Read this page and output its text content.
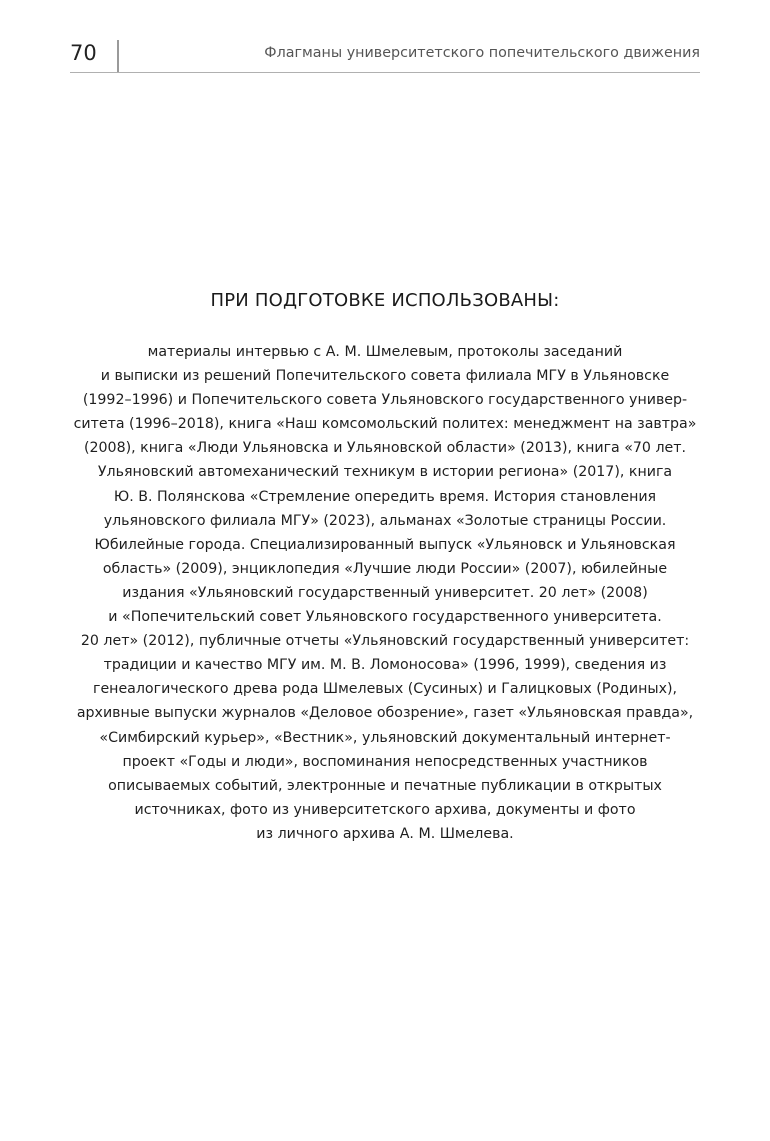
70	Флагманы университетского попечительского движения
ПРИ ПОДГОТОВКЕ ИСПОЛЬЗОВАНЫ:
материалы интервью с А. М. Шмелевым, протоколы заседаний
и выписки из решений Попечительского совета филиала МГУ в Ульяновске
(1992–1996) и Попечительского совета Ульяновского государственного универ-
ситета (1996–2018), книга «Наш комсомольский политех: менеджмент на завтра»
(2008), книга «Люди Ульяновска и Ульяновской области» (2013), книга «70 лет.
Ульяновский автомеханический техникум в истории региона» (2017), книга
Ю. В. Полянскова «Стремление опередить время. История становления
ульяновского филиала МГУ» (2023), альманах «Золотые страницы России.
Юбилейные города. Специализированный выпуск «Ульяновск и Ульяновская
область» (2009), энциклопедия «Лучшие люди России» (2007), юбилейные
издания «Ульяновский государственный университет. 20 лет» (2008)
и «Попечительский совет Ульяновского государственного университета.
20 лет» (2012), публичные отчеты «Ульяновский государственный университет:
традиции и качество МГУ им. М. В. Ломоносова» (1996, 1999), сведения из
генеалогического древа рода Шмелевых (Сусиных) и Галицковых (Родиных),
архивные выпуски журналов «Деловое обозрение», газет «Ульяновская правда»,
«Симбирский курьер», «Вестник», ульяновский документальный интернет-
проект «Годы и люди», воспоминания непосредственных участников
описываемых событий, электронные и печатные публикации в открытых
источниках, фото из университетского архива, документы и фото
из личного архива А. М. Шмелева.
